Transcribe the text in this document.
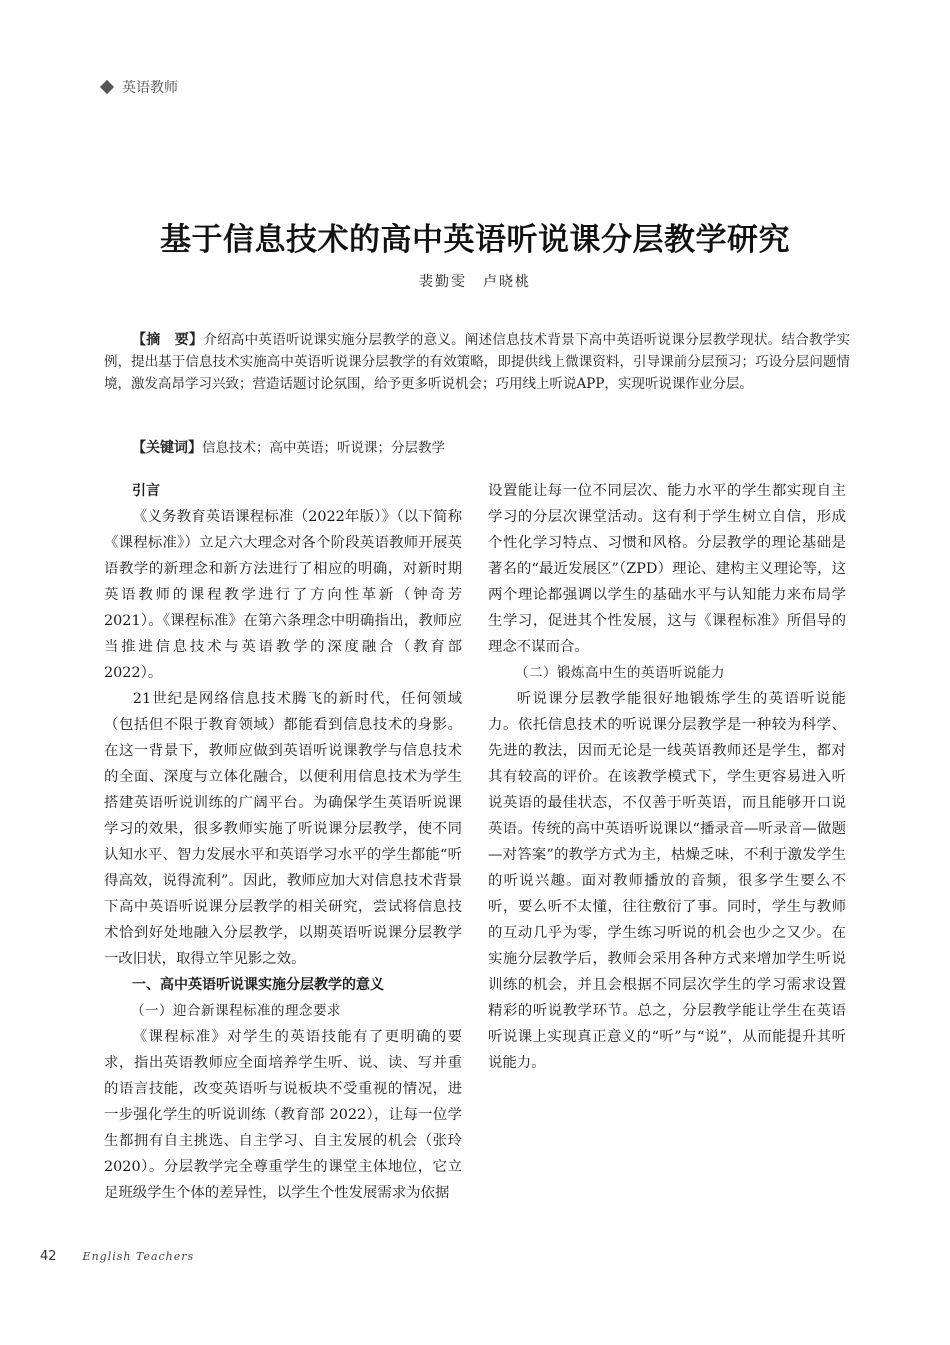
英语教师
基于信息技术的高中英语听说课分层教学研究
裴勤雯　卢晓桃
【摘　要】介绍高中英语听说课实施分层教学的意义。阐述信息技术背景下高中英语听说课分层教学现状。结合教学实例，提出基于信息技术实施高中英语听说课分层教学的有效策略，即提供线上微课资料，引导课前分层预习；巧设分层问题情境，激发高昂学习兴致；营造话题讨论氛围，给予更多听说机会；巧用线上听说APP，实现听说课作业分层。
【关键词】信息技术；高中英语；听说课；分层教学

引言

《义务教育英语课程标准（2022年版）》（以下简称《课程标准》）立足六大理念对各个阶段英语教师开展英语教学的新理念和新方法进行了相应的明确，对新时期英语教师的课程教学进行了方向性革新（钟奇芳 2021）。《课程标准》在第六条理念中明确指出，教师应当推进信息技术与英语教学的深度融合（教育部 2022）。

21世纪是网络信息技术腾飞的新时代，任何领域（包括但不限于教育领域）都能看到信息技术的身影。在这一背景下，教师应做到英语听说课教学与信息技术的全面、深度与立体化融合，以便利用信息技术为学生搭建英语听说训练的广阔平台。为确保学生英语听说课学习的效果，很多教师实施了听说课分层教学，使不同认知水平、智力发展水平和英语学习水平的学生都能“听得高效，说得流利”。因此，教师应加大对信息技术背景下高中英语听说课分层教学的相关研究，尝试将信息技术恰到好处地融入分层教学，以期英语听说课分层教学一改旧状，取得立竿见影之效。

一、高中英语听说课实施分层教学的意义

（一）迎合新课程标准的理念要求

《课程标准》对学生的英语技能有了更明确的要求，指出英语教师应全面培养学生听、说、读、写并重的语言技能，改变英语听与说板块不受重视的情况，进一步强化学生的听说训练（教育部 2022），让每一位学生都拥有自主挑选、自主学习、自主发展的机会（张玲 2020）。分层教学完全尊重学生的课堂主体地位，它立足班级学生个体的差异性，以学生个性发展需求为依据

设置能让每一位不同层次、能力水平的学生都实现自主学习的分层次课堂活动。这有利于学生树立自信，形成个性化学习特点、习惯和风格。分层教学的理论基础是著名的“最近发展区”（ZPD）理论、建构主义理论等，这两个理论都强调以学生的基础水平与认知能力来布局学生学习，促进其个性发展，这与《课程标准》所倡导的理念不谋而合。

（二）锻炼高中生的英语听说能力

听说课分层教学能很好地锻炼学生的英语听说能力。依托信息技术的听说课分层教学是一种较为科学、先进的教法，因而无论是一线英语教师还是学生，都对其有较高的评价。在该教学模式下，学生更容易进入听说英语的最佳状态，不仅善于听英语，而且能够开口说英语。传统的高中英语听说课以“播录音—听录音—做题—对答案”的教学方式为主，枯燥乏味，不利于激发学生的听说兴趣。面对教师播放的音频，很多学生要么不听，要么听不太懂，往往敷衍了事。同时，学生与教师的互动几乎为零，学生练习听说的机会也少之又少。在实施分层教学后，教师会采用各种方式来增加学生听说训练的机会，并且会根据不同层次学生的学习需求设置精彩的听说教学环节。总之，分层教学能让学生在英语听说课上实现真正意义的“听”与“说”，从而能提升其听说能力。

42 English Teachers
